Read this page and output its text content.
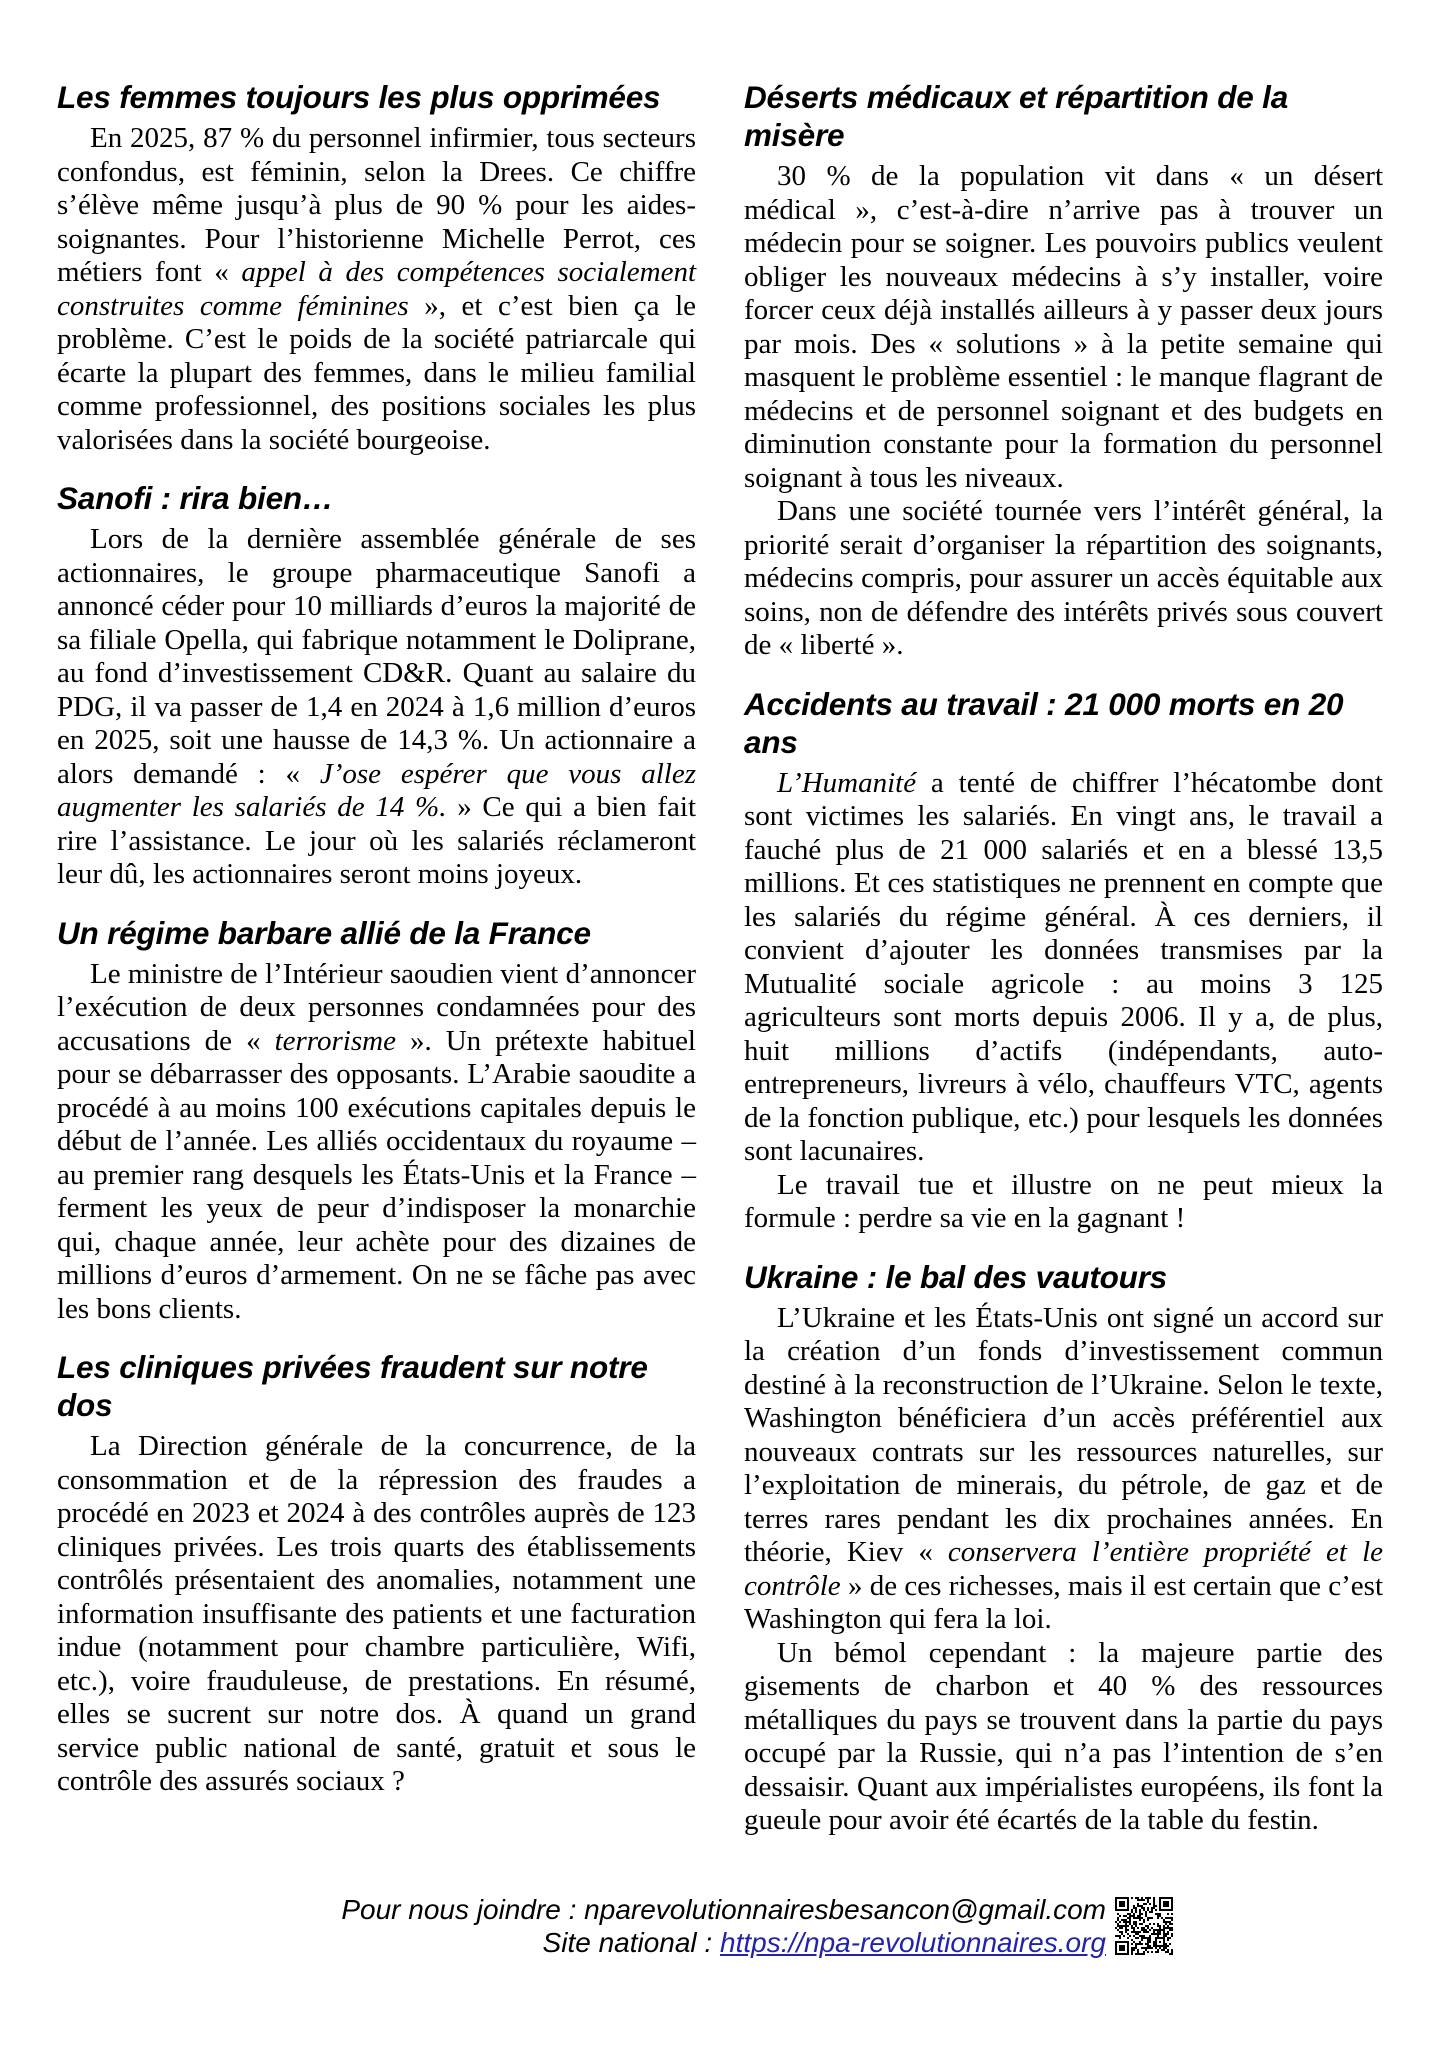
Les femmes toujours les plus opprimées

En 2025, 87 % du personnel infirmier, tous secteurs confondus, est féminin, selon la Drees. Ce chiffre s’élève même jusqu’à plus de 90 % pour les aides-soignantes. Pour l’historienne Michelle Perrot, ces métiers font « appel à des compétences socialement construites comme féminines », et c’est bien ça le problème. C’est le poids de la société patriarcale qui écarte la plupart des femmes, dans le milieu familial comme professionnel, des positions sociales les plus valorisées dans la société bourgeoise.

Sanofi : rira bien…

Lors de la dernière assemblée générale de ses actionnaires, le groupe pharmaceutique Sanofi a annoncé céder pour 10 milliards d’euros la majorité de sa filiale Opella, qui fabrique notamment le Doliprane, au fond d’investissement CD&R. Quant au salaire du PDG, il va passer de 1,4 en 2024 à 1,6 million d’euros en 2025, soit une hausse de 14,3 %. Un actionnaire a alors demandé : « J’ose espérer que vous allez augmenter les salariés de 14 %. » Ce qui a bien fait rire l’assistance. Le jour où les salariés réclameront leur dû, les actionnaires seront moins joyeux.

Un régime barbare allié de la France

Le ministre de l’Intérieur saoudien vient d’annoncer l’exécution de deux personnes condamnées pour des accusations de « terrorisme ». Un prétexte habituel pour se débarrasser des opposants. L’Arabie saoudite a procédé à au moins 100 exécutions capitales depuis le début de l’année. Les alliés occidentaux du royaume – au premier rang desquels les États-Unis et la France – ferment les yeux de peur d’indisposer la monarchie qui, chaque année, leur achète pour des dizaines de millions d’euros d’armement. On ne se fâche pas avec les bons clients.

Les cliniques privées fraudent sur notre dos

La Direction générale de la concurrence, de la consommation et de la répression des fraudes a procédé en 2023 et 2024 à des contrôles auprès de 123 cliniques privées. Les trois quarts des établissements contrôlés présentaient des anomalies, notamment une information insuffisante des patients et une facturation indue (notamment pour chambre particulière, Wifi, etc.), voire frauduleuse, de prestations. En résumé, elles se sucrent sur notre dos. À quand un grand service public national de santé, gratuit et sous le contrôle des assurés sociaux ?

Déserts médicaux et répartition de la misère

30 % de la population vit dans « un désert médical », c’est-à-dire n’arrive pas à trouver un médecin pour se soigner. Les pouvoirs publics veulent obliger les nouveaux médecins à s’y installer, voire forcer ceux déjà installés ailleurs à y passer deux jours par mois. Des « solutions » à la petite semaine qui masquent le problème essentiel : le manque flagrant de médecins et de personnel soignant et des budgets en diminution constante pour la formation du personnel soignant à tous les niveaux.

Dans une société tournée vers l’intérêt général, la priorité serait d’organiser la répartition des soignants, médecins compris, pour assurer un accès équitable aux soins, non de défendre des intérêts privés sous couvert de « liberté ».

Accidents au travail : 21 000 morts en 20 ans

L’Humanité a tenté de chiffrer l’hécatombe dont sont victimes les salariés. En vingt ans, le travail a fauché plus de 21 000 salariés et en a blessé 13,5 millions. Et ces statistiques ne prennent en compte que les salariés du régime général. À ces derniers, il convient d’ajouter les données transmises par la Mutualité sociale agricole : au moins 3 125 agriculteurs sont morts depuis 2006. Il y a, de plus, huit millions d’actifs (indépendants, auto-entrepreneurs, livreurs à vélo, chauffeurs VTC, agents de la fonction publique, etc.) pour lesquels les données sont lacunaires.

Le travail tue et illustre on ne peut mieux la formule : perdre sa vie en la gagnant !

Ukraine : le bal des vautours

L’Ukraine et les États-Unis ont signé un accord sur la création d’un fonds d’investissement commun destiné à la reconstruction de l’Ukraine. Selon le texte, Washington bénéficiera d’un accès préférentiel aux nouveaux contrats sur les ressources naturelles, sur l’exploitation de minerais, du pétrole, de gaz et de terres rares pendant les dix prochaines années. En théorie, Kiev « conservera l’entière propriété et le contrôle » de ces richesses, mais il est certain que c’est Washington qui fera la loi.

Un bémol cependant : la majeure partie des gisements de charbon et 40 % des ressources métalliques du pays se trouvent dans la partie du pays occupé par la Russie, qui n’a pas l’intention de s’en dessaisir. Quant aux impérialistes européens, ils font la gueule pour avoir été écartés de la table du festin.

Pour nous joindre : nparevolutionnairesbesancon@gmail.com

Site national : https://npa-revolutionnaires.org
